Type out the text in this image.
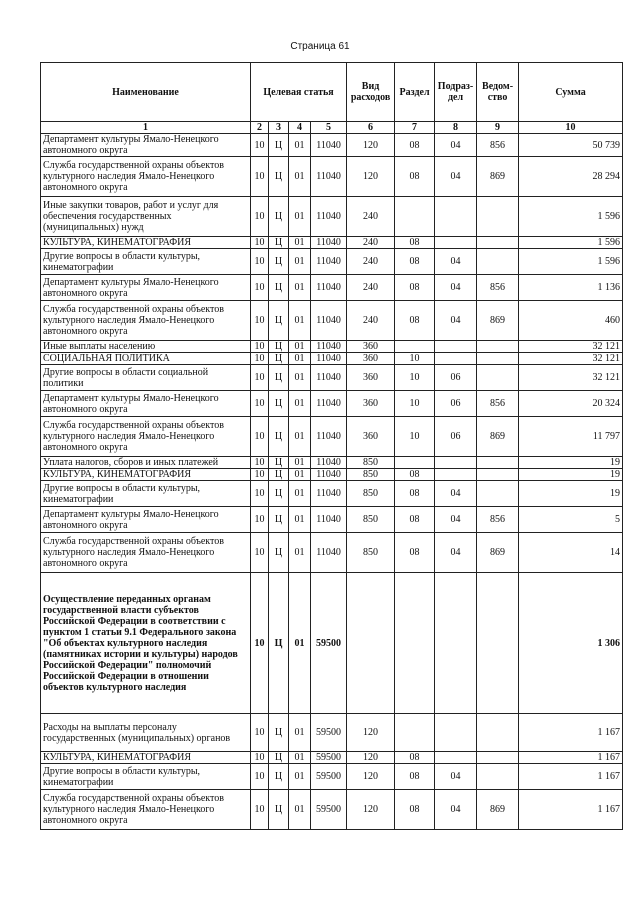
Страница 61
Наименование	Целевая статья				Вид расходов	Раздел	Подраз-дел	Ведом-ство	Сумма
1	2	3	4	5	6	7	8	9	10
Департамент культуры Ямало-Ненецкого автономного округа	10	Ц	01	11040	120	08	04	856	50 739
Служба государственной охраны объектов культурного наследия Ямало-Ненецкого автономного округа	10	Ц	01	11040	120	08	04	869	28 294
Иные закупки товаров, работ и услуг для обеспечения государственных (муниципальных) нужд	10	Ц	01	11040	240				1 596
КУЛЬТУРА, КИНЕМАТОГРАФИЯ	10	Ц	01	11040	240	08			1 596
Другие вопросы в области культуры, кинематографии	10	Ц	01	11040	240	08	04		1 596
Департамент культуры Ямало-Ненецкого автономного округа	10	Ц	01	11040	240	08	04	856	1 136
Служба государственной охраны объектов культурного наследия Ямало-Ненецкого автономного округа	10	Ц	01	11040	240	08	04	869	460
Иные выплаты населению	10	Ц	01	11040	360				32 121
СОЦИАЛЬНАЯ ПОЛИТИКА	10	Ц	01	11040	360	10			32 121
Другие вопросы в области социальной политики	10	Ц	01	11040	360	10	06		32 121
Департамент культуры Ямало-Ненецкого автономного округа	10	Ц	01	11040	360	10	06	856	20 324
Служба государственной охраны объектов культурного наследия Ямало-Ненецкого автономного округа	10	Ц	01	11040	360	10	06	869	11 797
Уплата налогов, сборов и иных платежей	10	Ц	01	11040	850				19
КУЛЬТУРА, КИНЕМАТОГРАФИЯ	10	Ц	01	11040	850	08			19
Другие вопросы в области культуры, кинематографии	10	Ц	01	11040	850	08	04		19
Департамент культуры Ямало-Ненецкого автономного округа	10	Ц	01	11040	850	08	04	856	5
Служба государственной охраны объектов культурного наследия Ямало-Ненецкого автономного округа	10	Ц	01	11040	850	08	04	869	14
Осуществление переданных органам государственной власти субъектов Российской Федерации в соответствии с пунктом 1 статьи 9.1 Федерального закона "Об объектах культурного наследия (памятниках истории и культуры) народов Российской Федерации" полномочий Российской Федерации в отношении объектов культурного наследия	10	Ц	01	59500					1 306
Расходы на выплаты персоналу государственных (муниципальных) органов	10	Ц	01	59500	120				1 167
КУЛЬТУРА, КИНЕМАТОГРАФИЯ	10	Ц	01	59500	120	08			1 167
Другие вопросы в области культуры, кинематографии	10	Ц	01	59500	120	08	04		1 167
Служба государственной охраны объектов культурного наследия Ямало-Ненецкого автономного округа	10	Ц	01	59500	120	08	04	869	1 167
